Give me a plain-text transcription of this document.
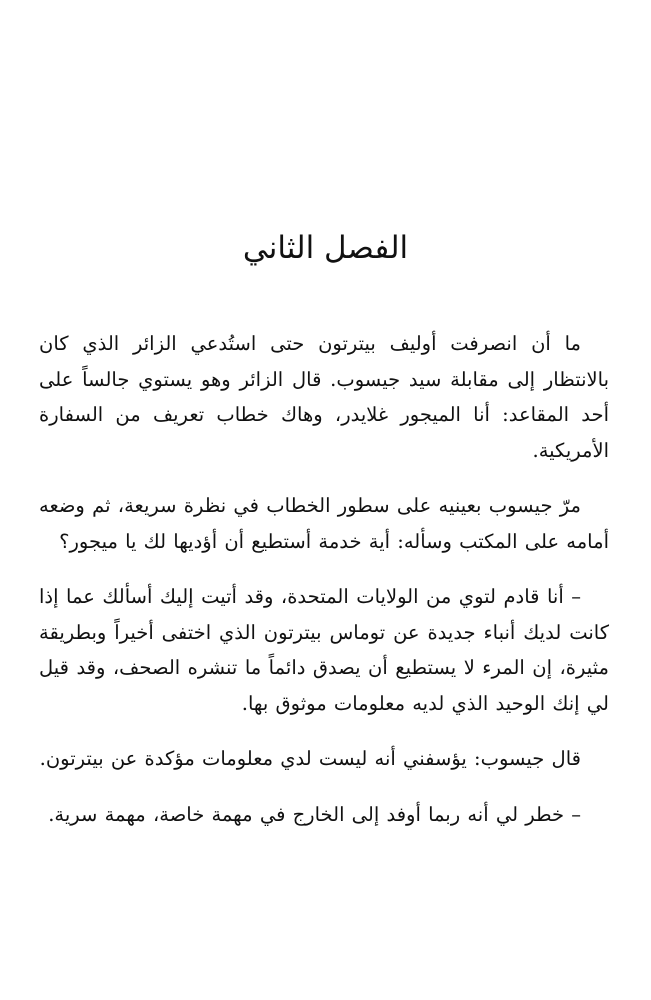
الفصل الثاني

ما أن انصرفت أوليف بيترتون حتى استُدعي الزائر الذي كان بالانتظار إلى مقابلة سيد جيسوب. قال الزائر وهو يستوي جالساً على أحد المقاعد: أنا الميجور غلايدر، وهاك خطاب تعريف من السفارة الأمريكية.

مرّ جيسوب بعينيه على سطور الخطاب في نظرة سريعة، ثم وضعه أمامه على المكتب وسأله: أية خدمة أستطيع أن أؤديها لك يا ميجور؟

– أنا قادم لتوي من الولايات المتحدة، وقد أتيت إليك أسألك عما إذا كانت لديك أنباء جديدة عن توماس بيترتون الذي اختفى أخيراً وبطريقة مثيرة، إن المرء لا يستطيع أن يصدق دائماً ما تنشره الصحف، وقد قيل لي إنك الوحيد الذي لديه معلومات موثوق بها.

قال جيسوب: يؤسفني أنه ليست لدي معلومات مؤكدة عن بيترتون.

– خطر لي أنه ربما أوفد إلى الخارج في مهمة خاصة، مهمة سرية.
